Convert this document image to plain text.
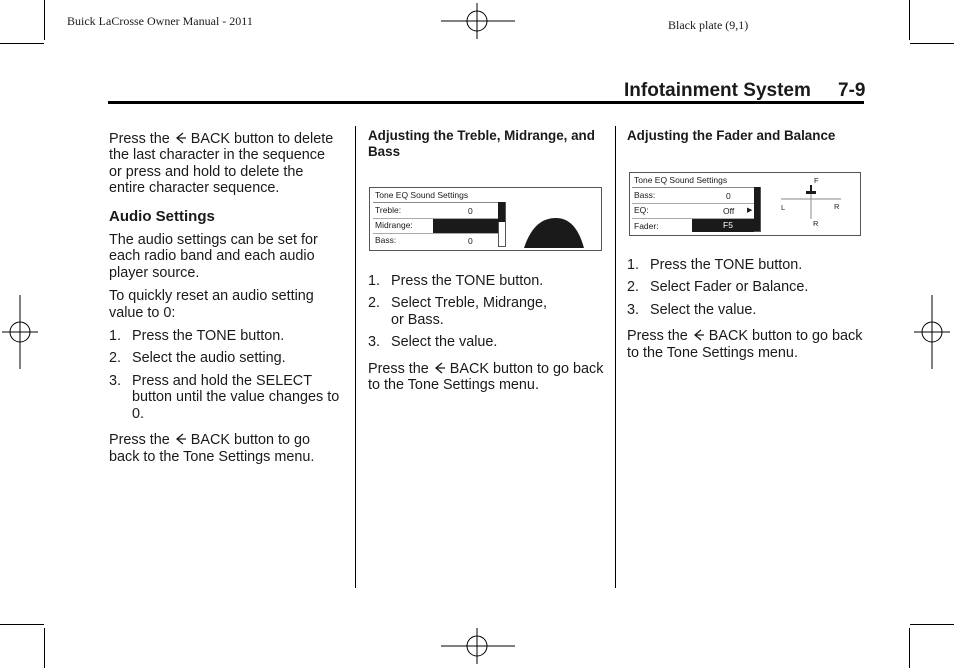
Buick LaCrosse Owner Manual - 2011	Black plate (9,1)
Infotainment System 7-9

Press the BACK button to delete the last character in the sequence or press and hold to delete the entire character sequence.

Audio Settings

The audio settings can be set for each radio band and each audio player source.

To quickly reset an audio setting value to 0:

1. Press the TONE button.
2. Select the audio setting.
3. Press and hold the SELECT button until the value changes to 0.

Press the BACK button to go back to the Tone Settings menu.

Adjusting the Treble, Midrange, and Bass
Tone EQ Sound Settings
Treble:	0
Midrange:
Bass:	0
1. Press the TONE button.
2. Select Treble, Midrange, or Bass.
3. Select the value.

Press the BACK button to go back to the Tone Settings menu.

Adjusting the Fader and Balance
Tone EQ Sound Settings
Bass:	0
EQ:	Off ▶
Fader:	F5
F
L	R
R
1. Press the TONE button.
2. Select Fader or Balance.
3. Select the value.

Press the BACK button to go back to the Tone Settings menu.
